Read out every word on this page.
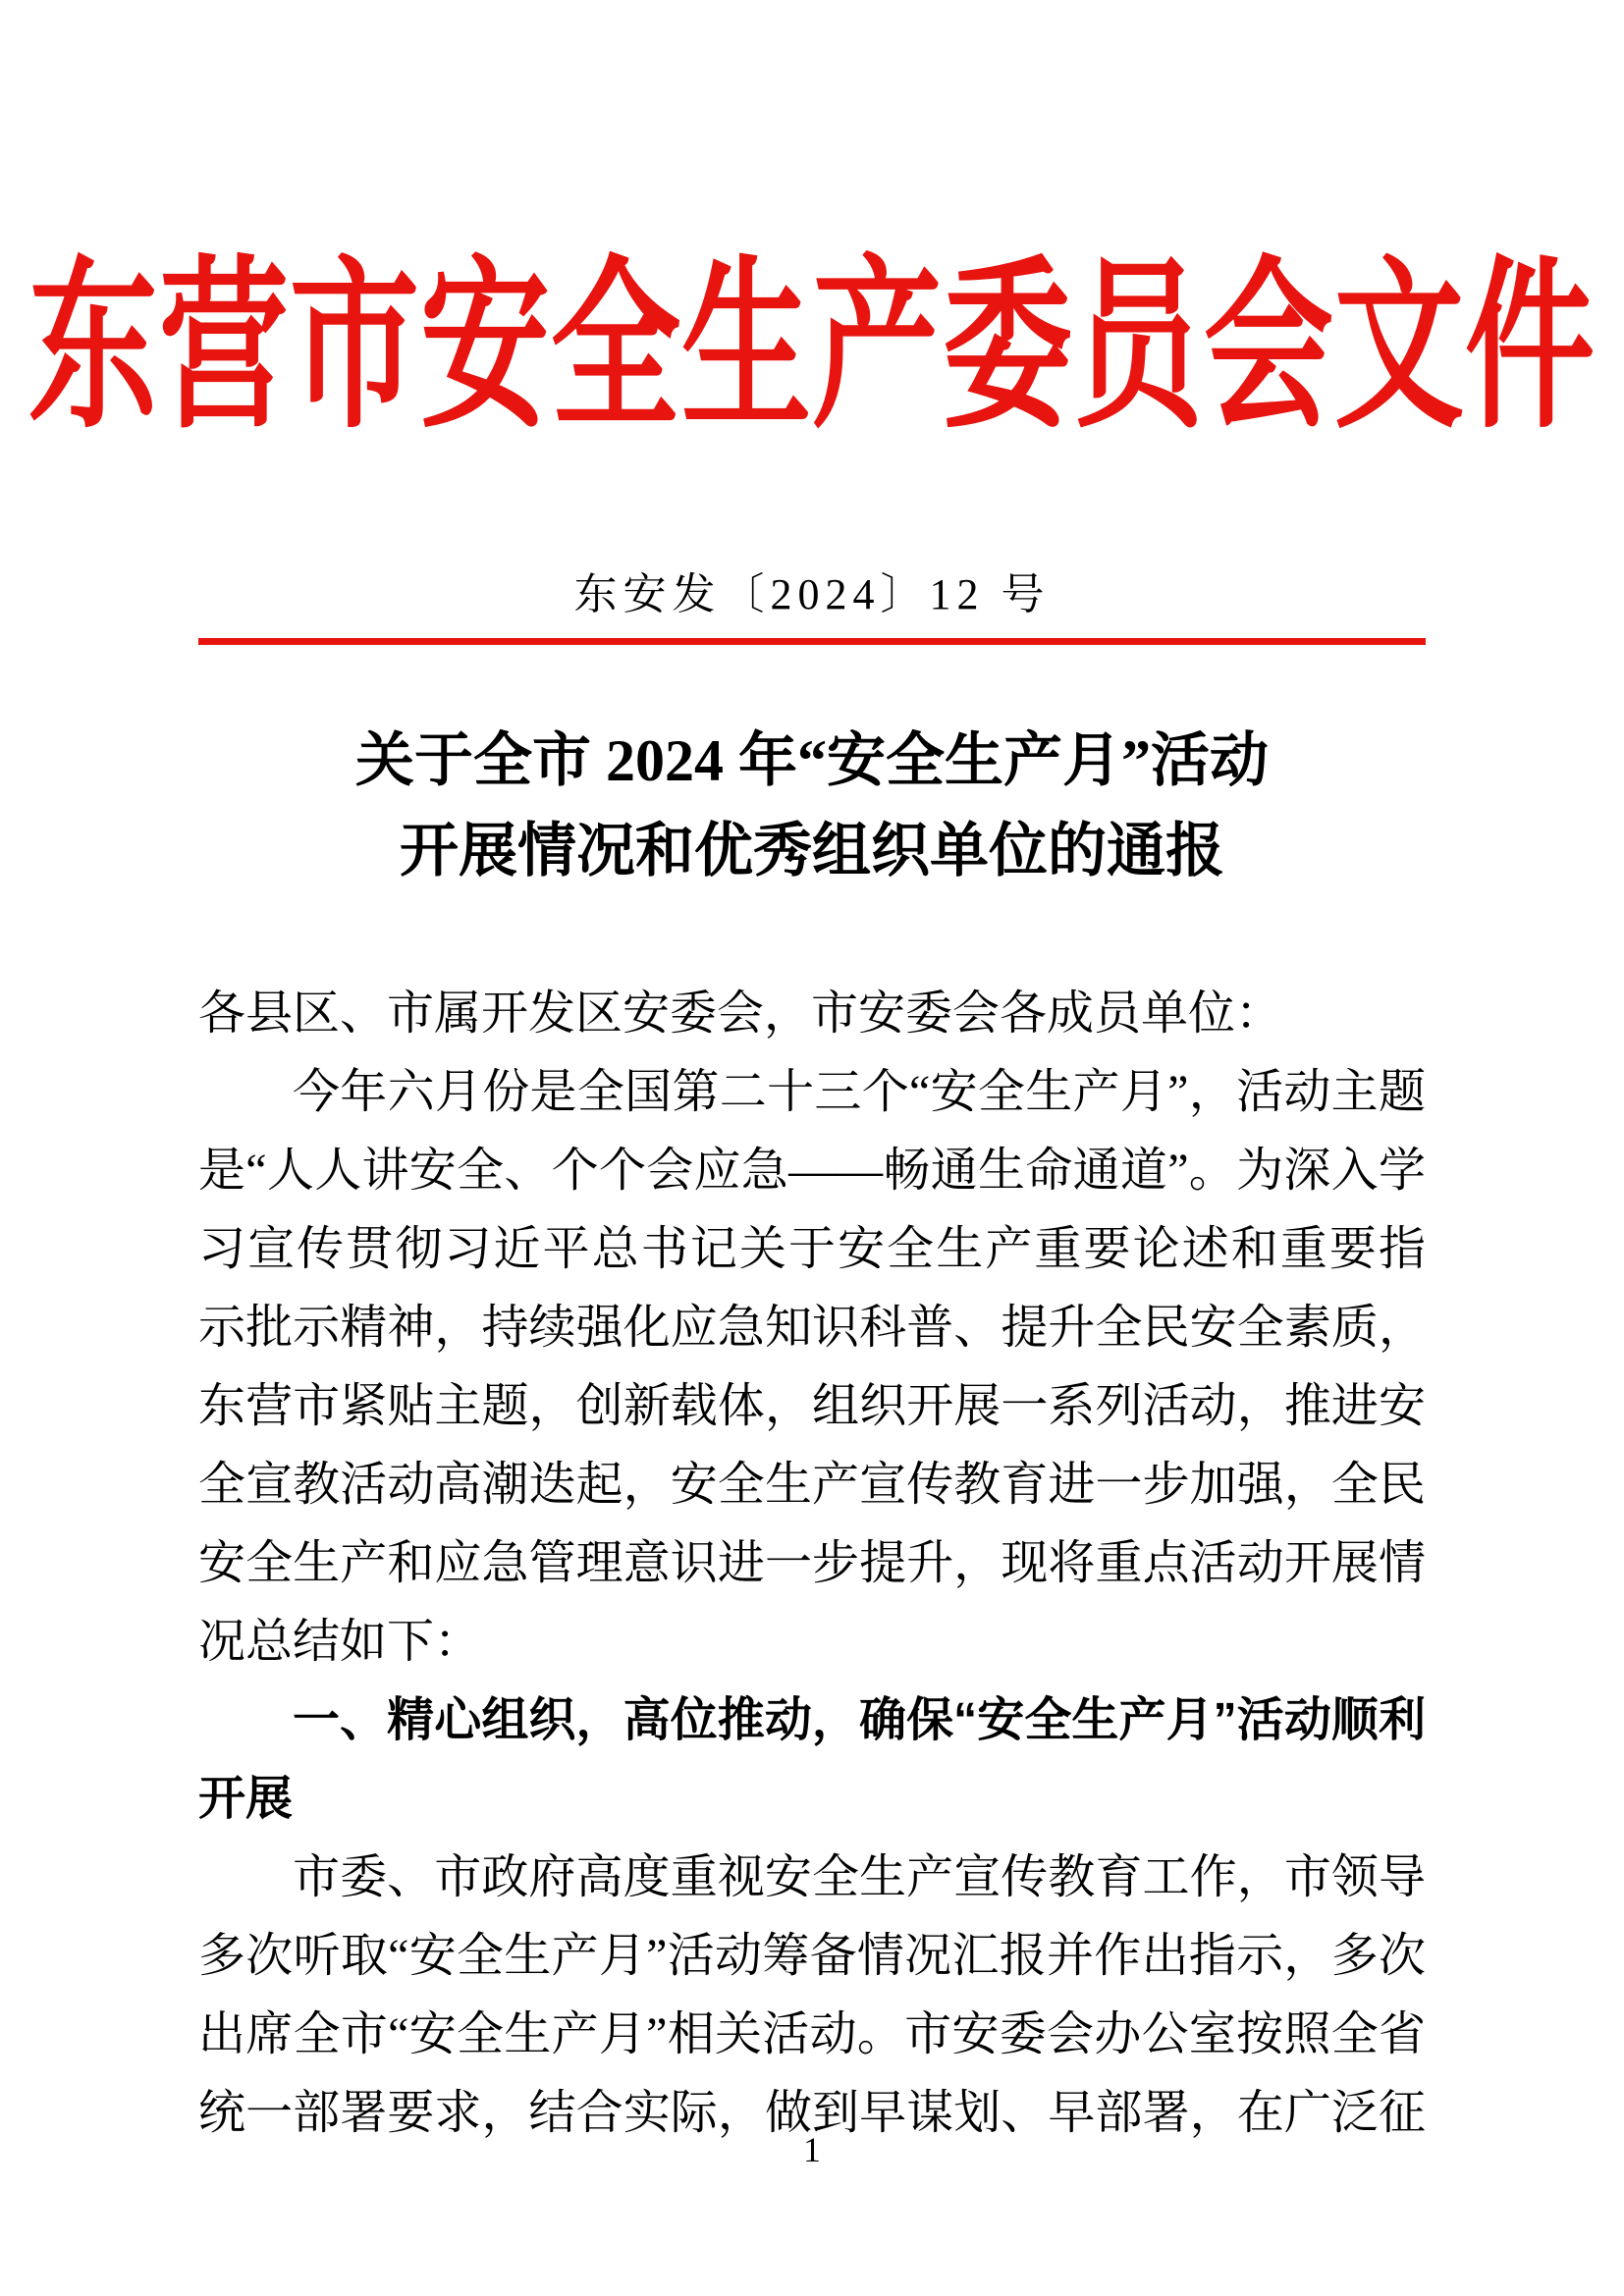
东营市安全生产委员会文件
东安发〔2024〕12 号
关于全市 2024 年“安全生产月”活动
开展情况和优秀组织单位的通报
各县区、市属开发区安委会，市安委会各成员单位：
今年六月份是全国第二十三个“安全生产月”，活动主题
是“人人讲安全、个个会应急——畅通生命通道”。为深入学
习宣传贯彻习近平总书记关于安全生产重要论述和重要指
示批示精神，持续强化应急知识科普、提升全民安全素质，
东营市紧贴主题，创新载体，组织开展一系列活动，推进安
全宣教活动高潮迭起，安全生产宣传教育进一步加强，全民
安全生产和应急管理意识进一步提升，现将重点活动开展情
况总结如下：
一、精心组织，高位推动，确保“安全生产月”活动顺利
开展
市委、市政府高度重视安全生产宣传教育工作，市领导
多次听取“安全生产月”活动筹备情况汇报并作出指示，多次
出席全市“安全生产月”相关活动。市安委会办公室按照全省
统一部署要求，结合实际，做到早谋划、早部署，在广泛征
1
